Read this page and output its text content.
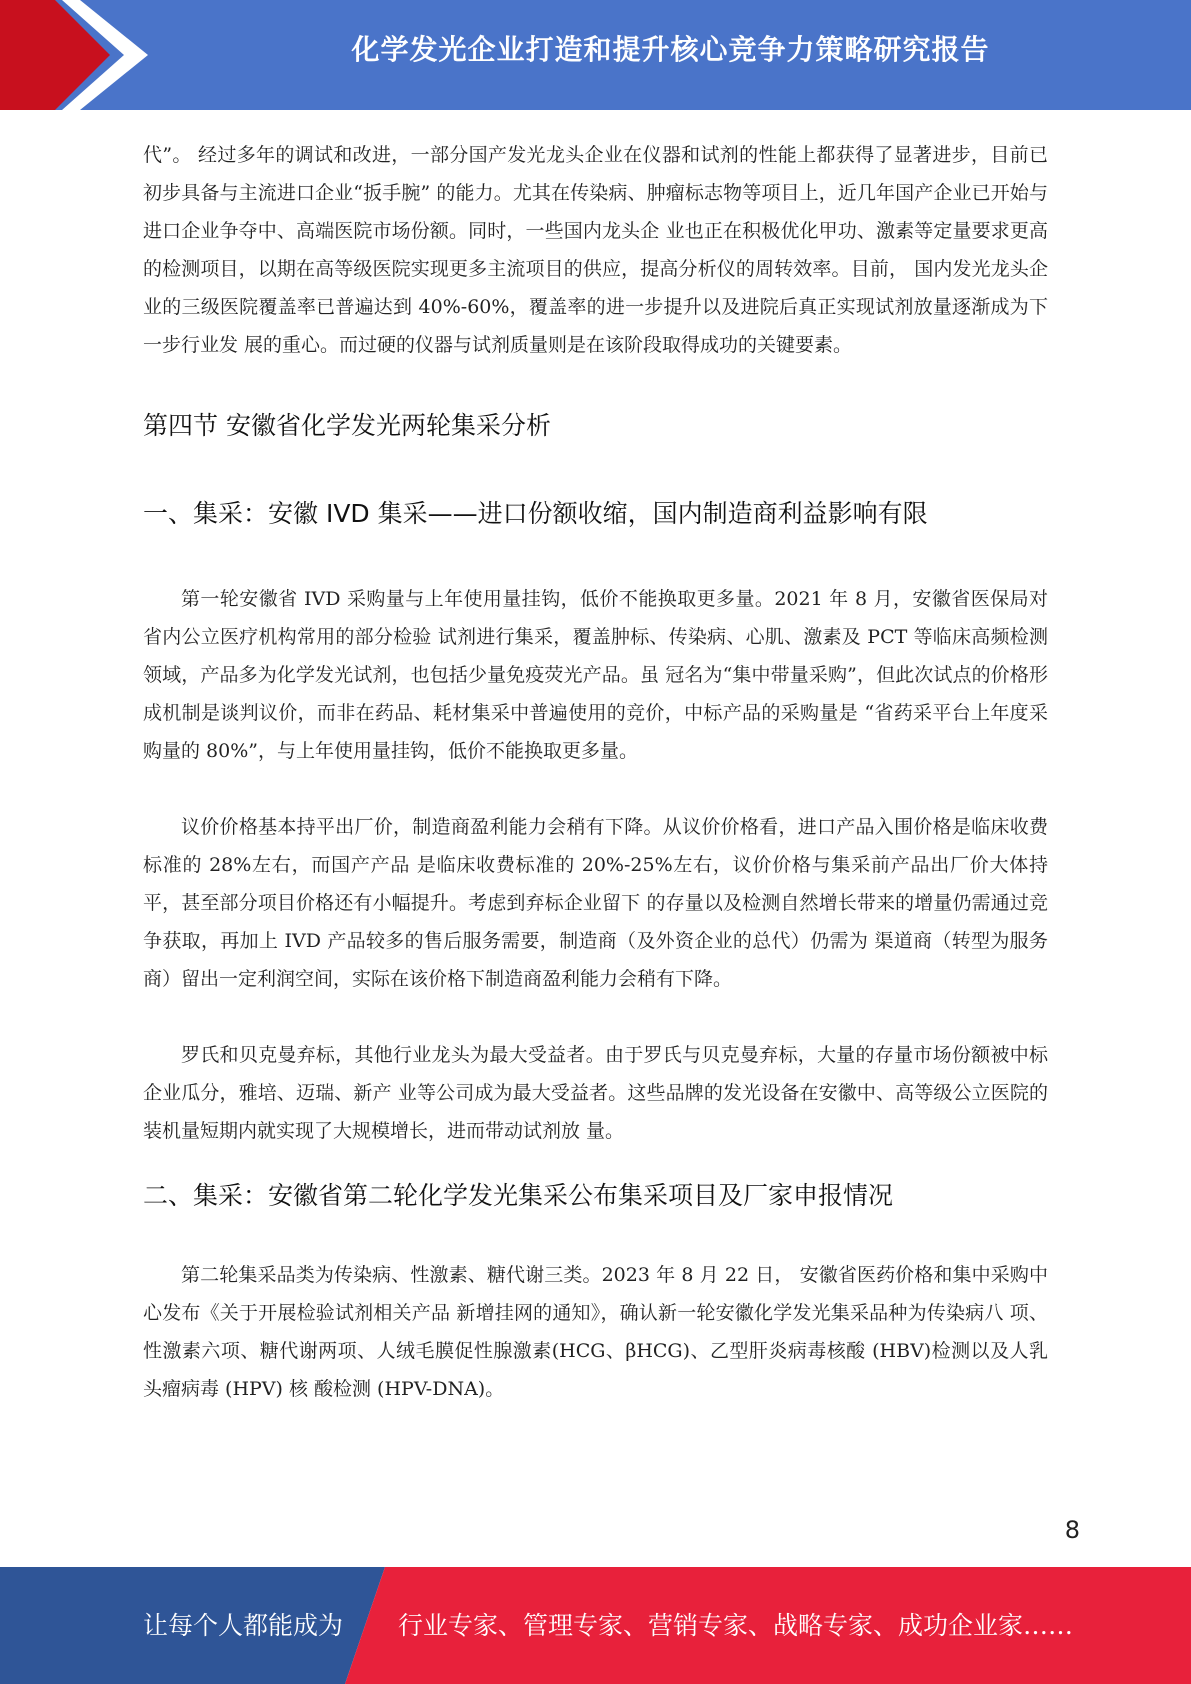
化学发光企业打造和提升核心竞争力策略研究报告

代”。 经过多年的调试和改进，一部分国产发光龙头企业在仪器和试剂的性能上都获得了显著进步，目前已初步具备与主流进口企业“扳手腕” 的能力。尤其在传染病、肿瘤标志物等项目上，近几年国产企业已开始与进口企业争夺中、高端医院市场份额。同时，一些国内龙头企 业也正在积极优化甲功、激素等定量要求更高的检测项目，以期在高等级医院实现更多主流项目的供应，提高分析仪的周转效率。目前， 国内发光龙头企业的三级医院覆盖率已普遍达到 40%-60%，覆盖率的进一步提升以及进院后真正实现试剂放量逐渐成为下一步行业发 展的重心。而过硬的仪器与试剂质量则是在该阶段取得成功的关键要素。

第四节 安徽省化学发光两轮集采分析
一、集采：安徽 IVD 集采——进口份额收缩，国内制造商利益影响有限

第一轮安徽省 IVD 采购量与上年使用量挂钩，低价不能换取更多量。2021 年 8 月，安徽省医保局对省内公立医疗机构常用的部分检验 试剂进行集采，覆盖肿标、传染病、心肌、激素及 PCT 等临床高频检测领域，产品多为化学发光试剂，也包括少量免疫荧光产品。虽 冠名为“集中带量采购”，但此次试点的价格形成机制是谈判议价，而非在药品、耗材集采中普遍使用的竞价，中标产品的采购量是 “省药采平台上年度采购量的 80%”，与上年使用量挂钩，低价不能换取更多量。

议价价格基本持平出厂价，制造商盈利能力会稍有下降。从议价价格看，进口产品入围价格是临床收费标准的 28%左右，而国产产品 是临床收费标准的 20%-25%左右，议价价格与集采前产品出厂价大体持平，甚至部分项目价格还有小幅提升。考虑到弃标企业留下 的存量以及检测自然增长带来的增量仍需通过竞争获取，再加上 IVD 产品较多的售后服务需要，制造商（及外资企业的总代）仍需为 渠道商（转型为服务商）留出一定利润空间，实际在该价格下制造商盈利能力会稍有下降。

罗氏和贝克曼弃标，其他行业龙头为最大受益者。由于罗氏与贝克曼弃标，大量的存量市场份额被中标企业瓜分，雅培、迈瑞、新产 业等公司成为最大受益者。这些品牌的发光设备在安徽中、高等级公立医院的装机量短期内就实现了大规模增长，进而带动试剂放 量。

二、集采：安徽省第二轮化学发光集采公布集采项目及厂家申报情况

第二轮集采品类为传染病、性激素、糖代谢三类。2023 年 8 月 22 日， 安徽省医药价格和集中采购中心发布《关于开展检验试剂相关产品 新增挂网的通知》，确认新一轮安徽化学发光集采品种为传染病八 项、性激素六项、糖代谢两项、人绒毛膜促性腺激素(HCG、βHCG)、乙型肝炎病毒核酸 (HBV)检测以及人乳头瘤病毒 (HPV) 核 酸检测 (HPV-DNA)。

8
让每个人都能成为 行业专家、管理专家、营销专家、战略专家、成功企业家……
